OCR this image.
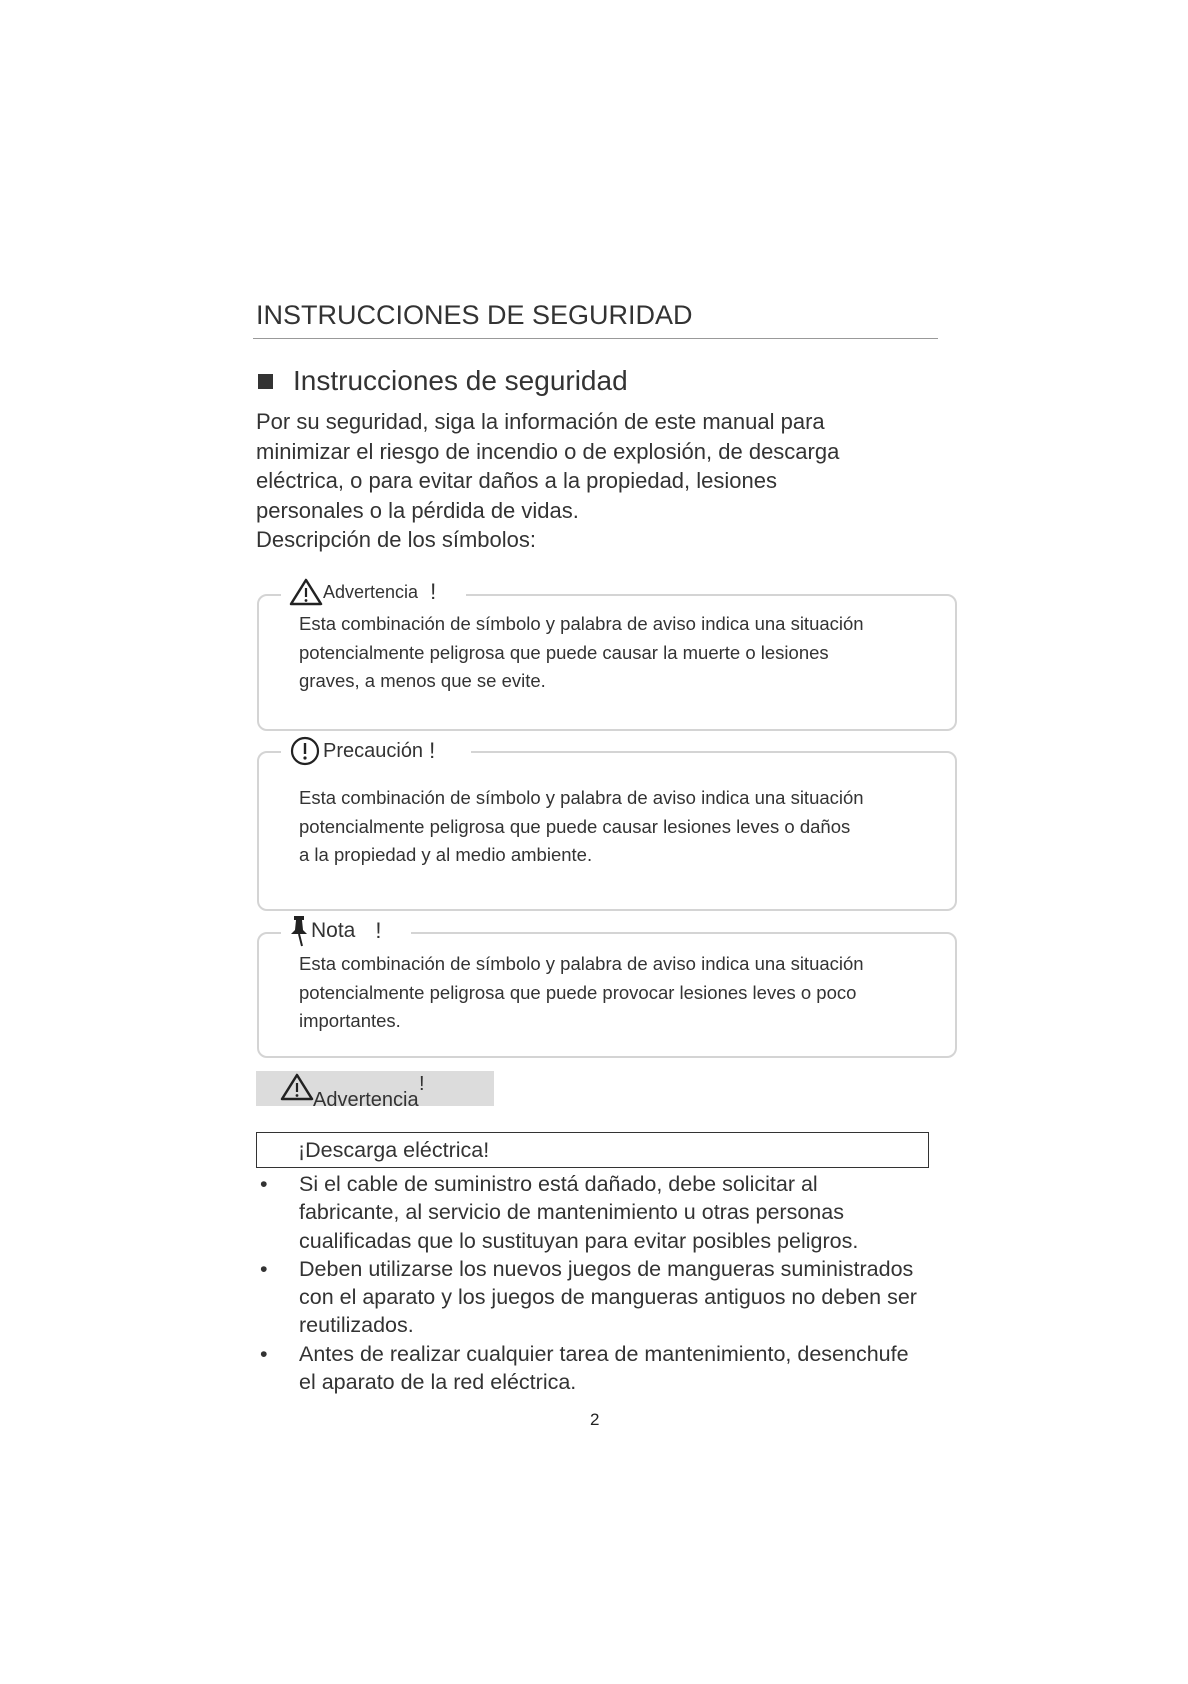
INSTRUCCIONES DE SEGURIDAD
Instrucciones de seguridad
Por su seguridad, siga la información de este manual para
minimizar el riesgo de incendio o de explosión, de descarga
eléctrica, o para evitar daños a la propiedad, lesiones
personales o la pérdida de vidas.
Descripción de los símbolos:
Advertencia !
Esta combinación de símbolo y palabra de aviso indica una situación
potencialmente peligrosa que puede causar la muerte o lesiones
graves, a menos que se evite.
Precaución !
Esta combinación de símbolo y palabra de aviso indica una situación
potencialmente peligrosa que puede causar lesiones leves o daños
a la propiedad y al medio ambiente.
Nota !
Esta combinación de símbolo y palabra de aviso indica una situación
potencialmente peligrosa que puede provocar lesiones leves o poco
importantes.
Advertencia
!
¡Descarga eléctrica!
• Si el cable de suministro está dañado, debe solicitar al
fabricante, al servicio de mantenimiento u otras personas
cualificadas que lo sustituyan para evitar posibles peligros.
• Deben utilizarse los nuevos juegos de mangueras suministrados
con el aparato y los juegos de mangueras antiguos no deben ser
reutilizados.
• Antes de realizar cualquier tarea de mantenimiento, desenchufe
el aparato de la red eléctrica.
2
